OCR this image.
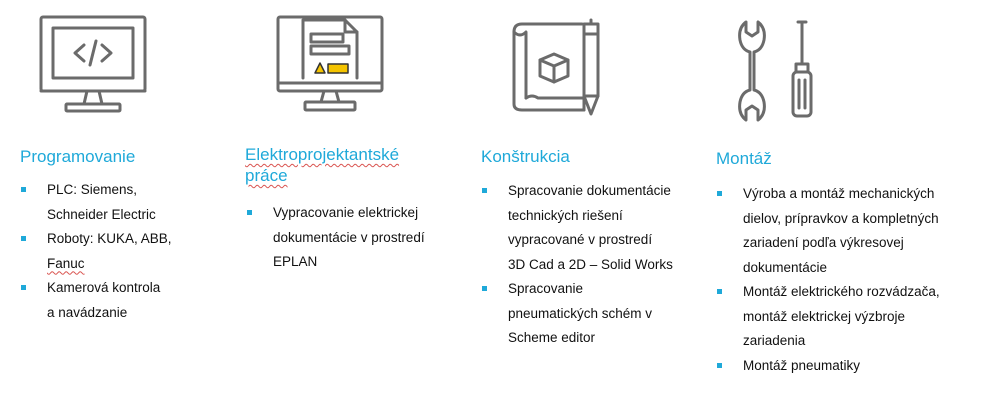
Programovanie
PLC: Siemens,
Schneider Electric
Roboty: KUKA, ABB,
Fanuc
Kamerová kontrola
a navádzanie
Elektroprojektantské
práce
Vypracovanie elektrickej
dokumentácie v prostredí
EPLAN
Konštrukcia
Spracovanie dokumentácie
technických riešení
vypracované v prostredí
3D Cad a 2D – Solid Works
Spracovanie
pneumatických schém v
Scheme editor
Montáž
Výroba a montáž mechanických
dielov, prípravkov a kompletných
zariadení podľa výkresovej
dokumentácie
Montáž elektrického rozvádzača,
montáž elektrickej výzbroje
zariadenia
Montáž pneumatiky
